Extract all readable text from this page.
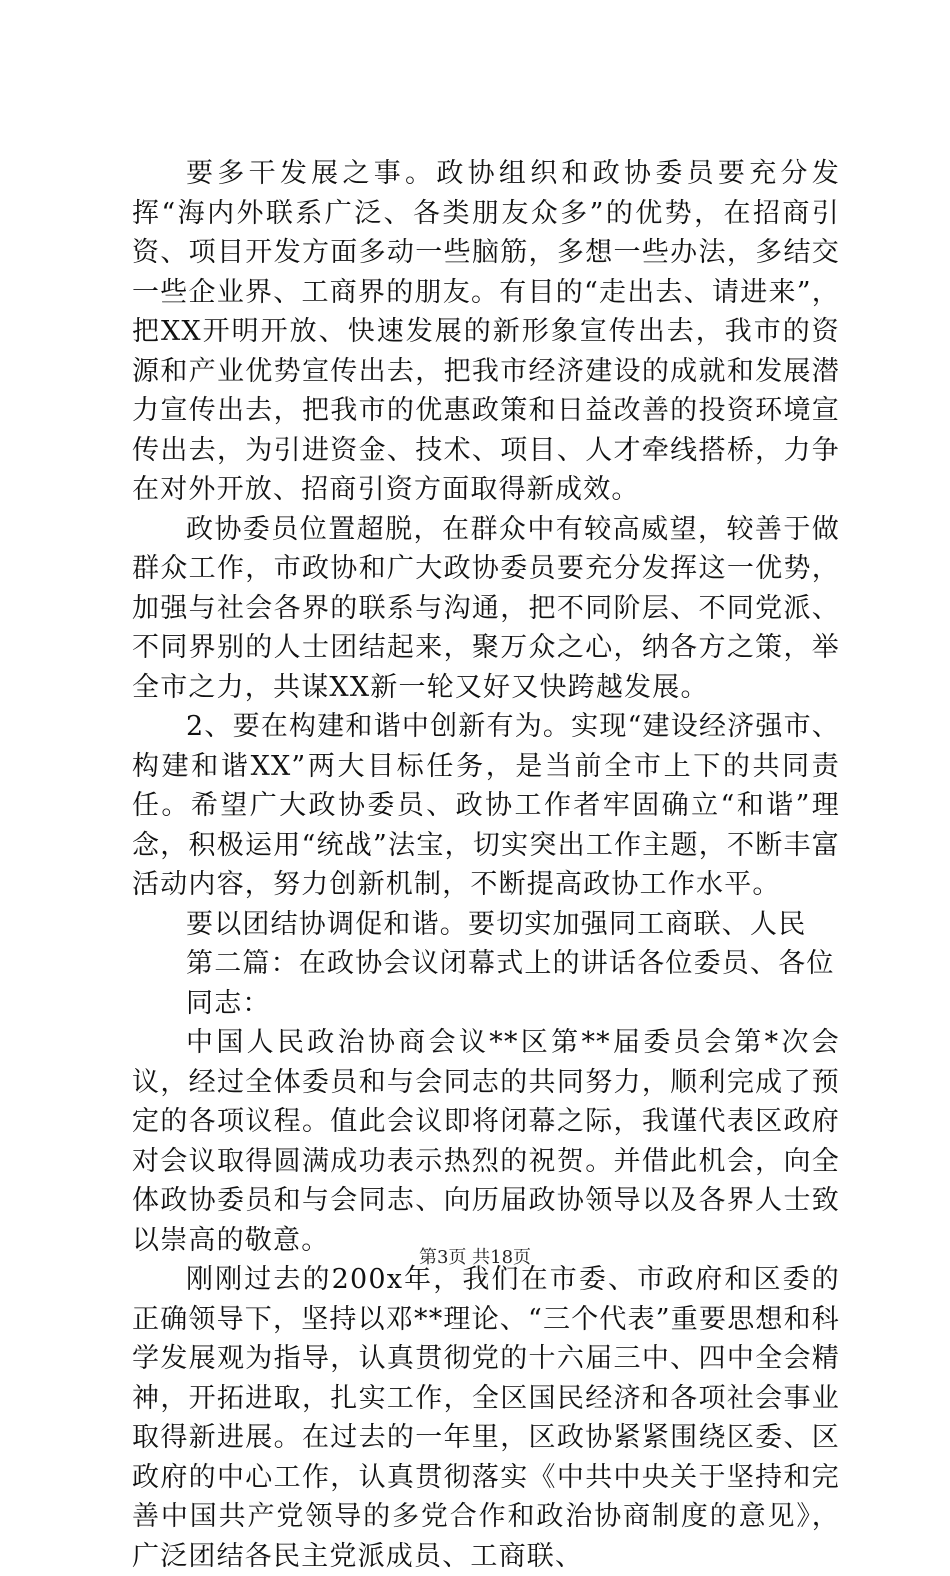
要多干发展之事。政协组织和政协委员要充分发挥“海内外联系广泛、各类朋友众多”的优势，在招商引资、项目开发方面多动一些脑筋，多想一些办法，多结交一些企业界、工商界的朋友。有目的“走出去、请进来”，把XX开明开放、快速发展的新形象宣传出去，我市的资源和产业优势宣传出去，把我市经济建设的成就和发展潜力宣传出去，把我市的优惠政策和日益改善的投资环境宣传出去，为引进资金、技术、项目、人才牵线搭桥，力争在对外开放、招商引资方面取得新成效。

政协委员位置超脱，在群众中有较高威望，较善于做群众工作，市政协和广大政协委员要充分发挥这一优势，加强与社会各界的联系与沟通，把不同阶层、不同党派、不同界别的人士团结起来，聚万众之心，纳各方之策，举全市之力，共谋XX新一轮又好又快跨越发展。

2、要在构建和谐中创新有为。实现“建设经济强市、构建和谐XX”两大目标任务，是当前全市上下的共同责任。希望广大政协委员、政协工作者牢固确立“和谐”理念，积极运用“统战”法宝，切实突出工作主题，不断丰富活动内容，努力创新机制，不断提高政协工作水平。

要以团结协调促和谐。要切实加强同工商联、人民

第二篇：在政协会议闭幕式上的讲话各位委员、各位

同志：

中国人民政治协商会议**区第**届委员会第*次会议，经过全体委员和与会同志的共同努力，顺利完成了预定的各项议程。值此会议即将闭幕之际，我谨代表区政府对会议取得圆满成功表示热烈的祝贺。并借此机会，向全体政协委员和与会同志、向历届政协领导以及各界人士致以崇高的敬意。

刚刚过去的200x年，我们在市委、市政府和区委的正确领导下，坚持以邓**理论、“三个代表”重要思想和科学发展观为指导，认真贯彻党的十六届三中、四中全会精神，开拓进取，扎实工作，全区国民经济和各项社会事业取得新进展。在过去的一年里，区政协紧紧围绕区委、区政府的中心工作，认真贯彻落实《中共中央关于坚持和完善中国共产党领导的多党合作和政治协商制度的意见》，广泛团结各民主党派成员、工商联、

第3页 共18页
